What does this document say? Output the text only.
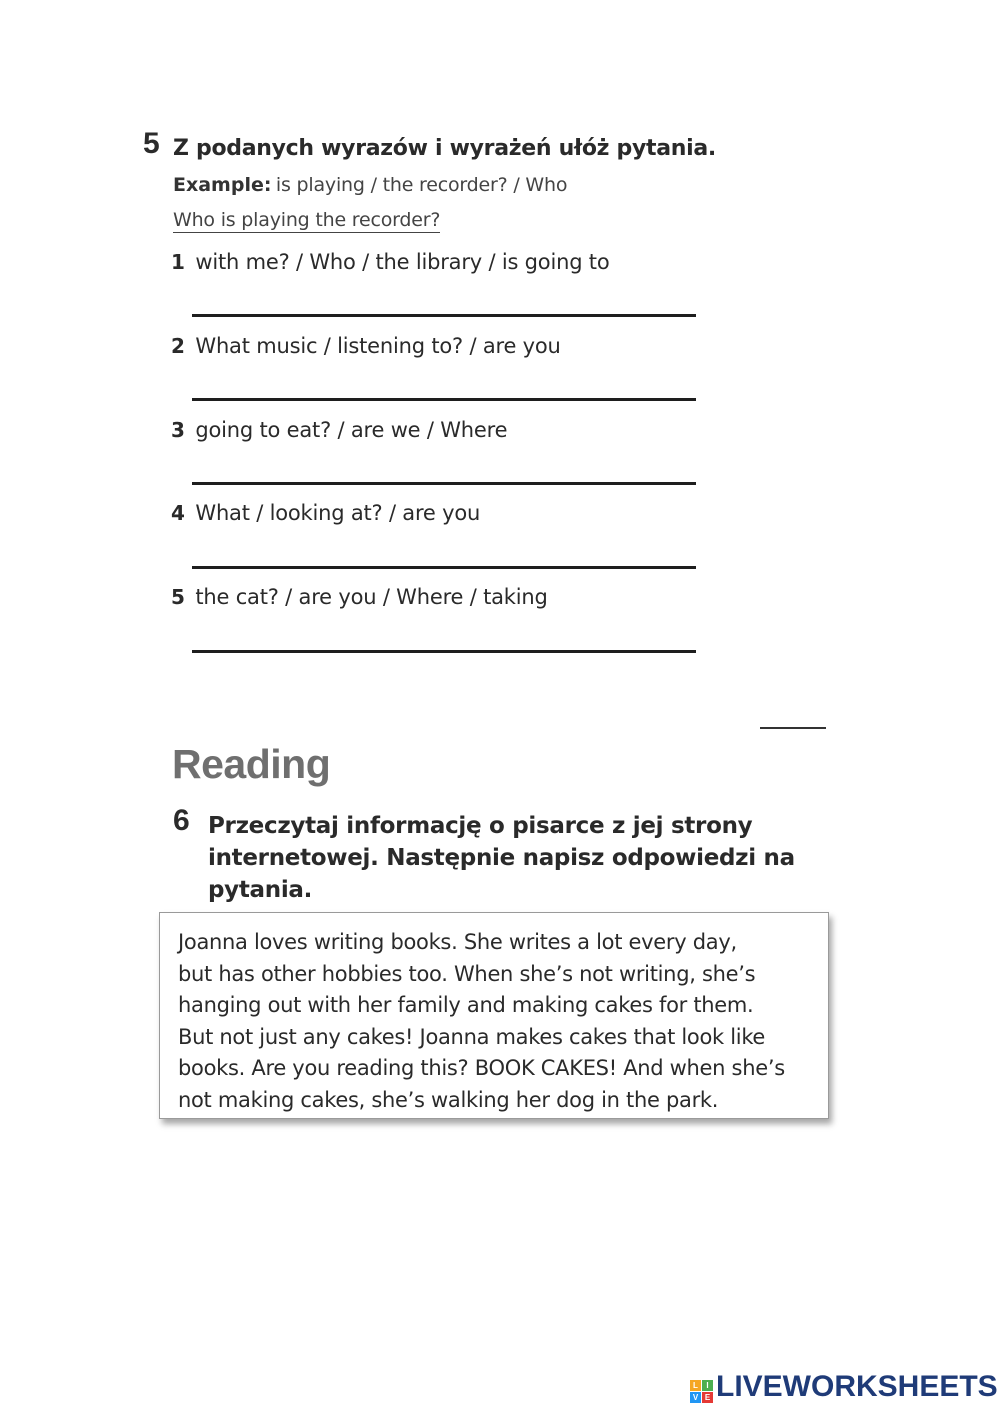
5 Z podanych wyrazów i wyrażeń ułóż pytania.
Example: is playing / the recorder? / Who
Who is playing the recorder?
1 with me? / Who / the library / is going to
2 What music / listening to? / are you
3 going to eat? / are we / Where
4 What / looking at? / are you
5 the cat? / are you / Where / taking
Reading
6 Przeczytaj informację o pisarce z jej strony
internetowej. Następnie napisz odpowiedzi na
pytania.
Joanna loves writing books. She writes a lot every day,
but has other hobbies too. When she’s not writing, she’s
hanging out with her family and making cakes for them.
But not just any cakes! Joanna makes cakes that look like
books. Are you reading this? BOOK CAKES! And when she’s
not making cakes, she’s walking her dog in the park.
L	I
V E LIVEWORKSHEETS
